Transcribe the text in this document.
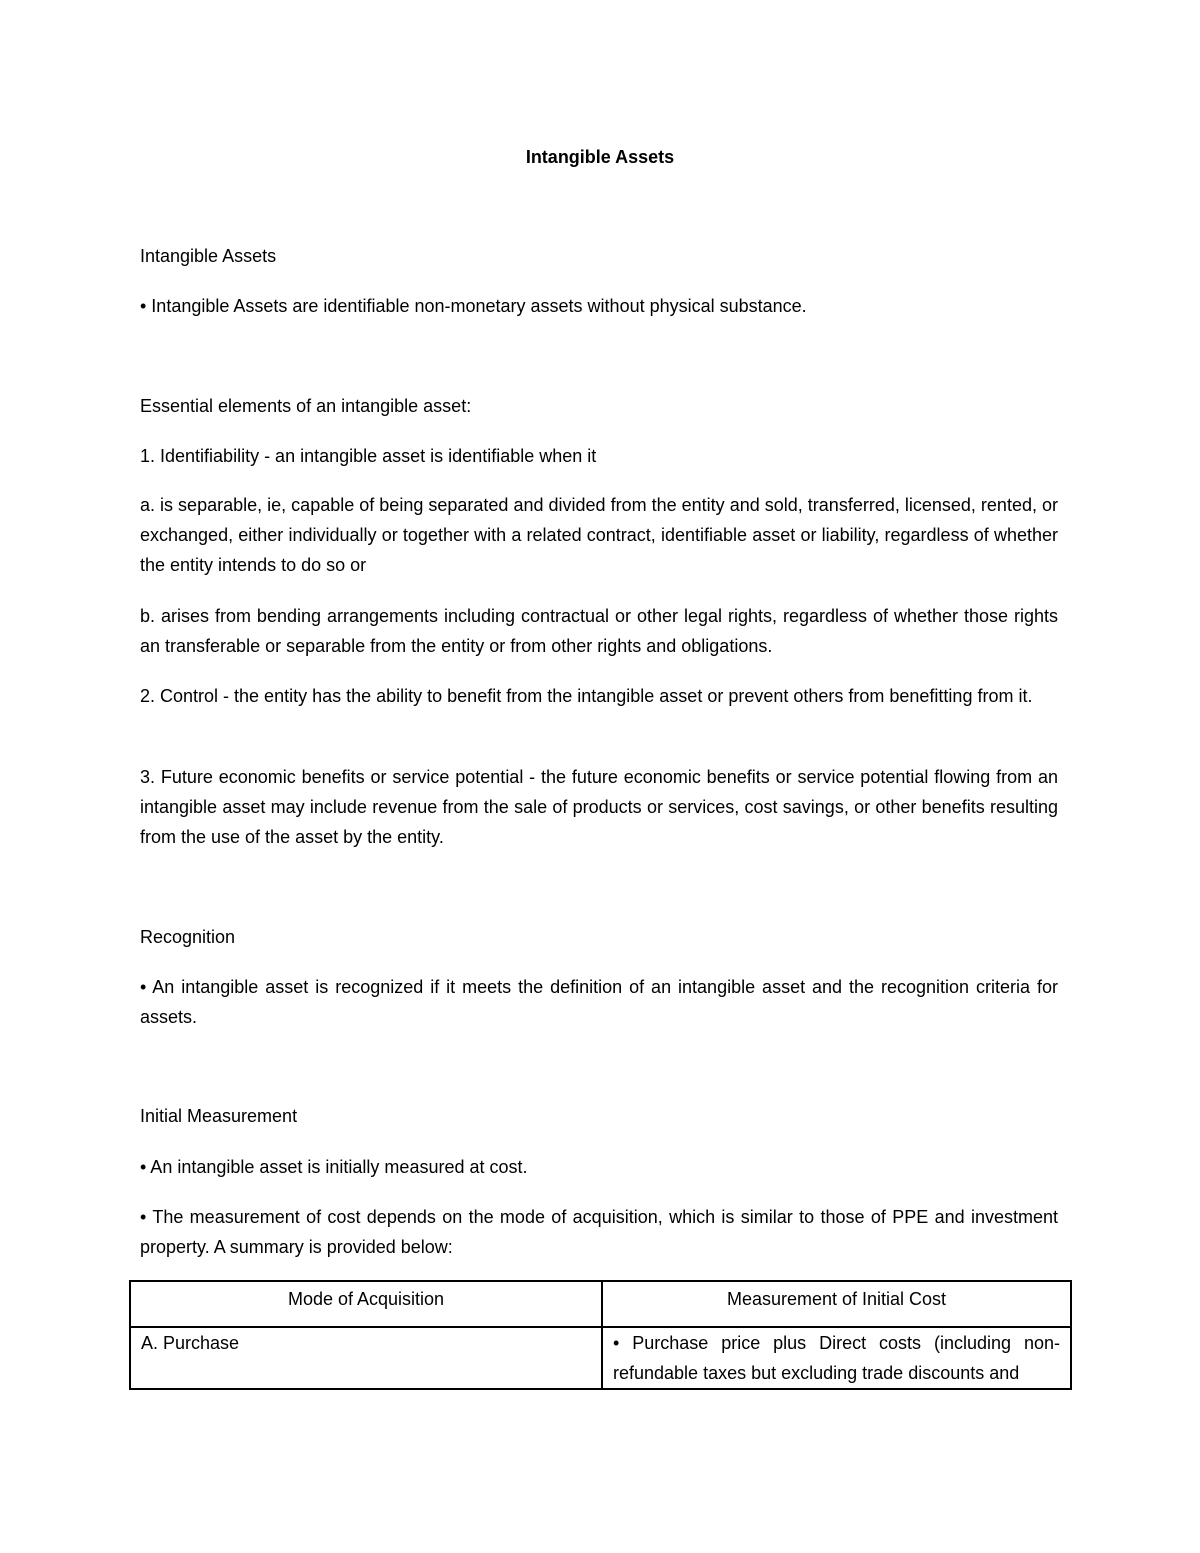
Intangible Assets

Intangible Assets

• Intangible Assets are identifiable non-monetary assets without physical substance.

Essential elements of an intangible asset:

1. Identifiability - an intangible asset is identifiable when it

a. is separable, ie, capable of being separated and divided from the entity and sold, transferred, licensed, rented, or exchanged, either individually or together with a related contract, identifiable asset or liability, regardless of whether the entity intends to do so or

b. arises from bending arrangements including contractual or other legal rights, regardless of whether those rights an transferable or separable from the entity or from other rights and obligations.

2. Control - the entity has the ability to benefit from the intangible asset or prevent others from benefitting from it.

3. Future economic benefits or service potential - the future economic benefits or service potential flowing from an intangible asset may include revenue from the sale of products or services, cost savings, or other benefits resulting from the use of the asset by the entity.

Recognition

• An intangible asset is recognized if it meets the definition of an intangible asset and the recognition criteria for assets.

Initial Measurement

• An intangible asset is initially measured at cost.

• The measurement of cost depends on the mode of acquisition, which is similar to those of PPE and investment property. A summary is provided below:

Mode of Acquisition	Measurement of Initial Cost
A. Purchase	• Purchase price plus Direct costs (including non-refundable taxes but excluding trade discounts and
